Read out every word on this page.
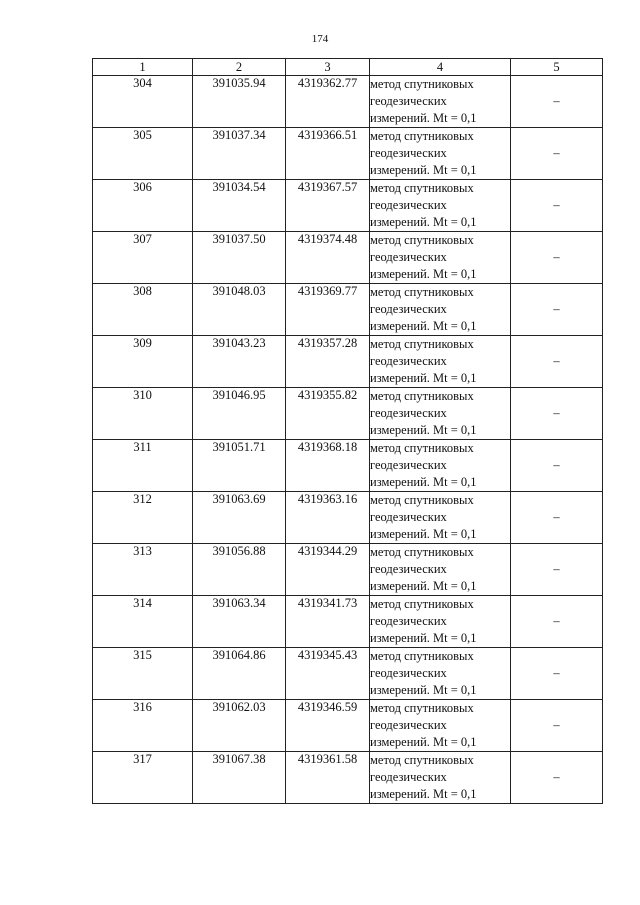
174
1	2	3	4	5
304	391035.94	4319362.77	метод спутниковых
геодезических
измерений. Mt = 0,1	–
305	391037.34	4319366.51	метод спутниковых
геодезических
измерений. Mt = 0,1	–
306	391034.54	4319367.57	метод спутниковых
геодезических
измерений. Mt = 0,1	–
307	391037.50	4319374.48	метод спутниковых
геодезических
измерений. Mt = 0,1	–
308	391048.03	4319369.77	метод спутниковых
геодезических
измерений. Mt = 0,1	–
309	391043.23	4319357.28	метод спутниковых
геодезических
измерений. Mt = 0,1	–
310	391046.95	4319355.82	метод спутниковых
геодезических
измерений. Mt = 0,1	–
311	391051.71	4319368.18	метод спутниковых
геодезических
измерений. Mt = 0,1	–
312	391063.69	4319363.16	метод спутниковых
геодезических
измерений. Mt = 0,1	–
313	391056.88	4319344.29	метод спутниковых
геодезических
измерений. Mt = 0,1	–
314	391063.34	4319341.73	метод спутниковых
геодезических
измерений. Mt = 0,1	–
315	391064.86	4319345.43	метод спутниковых
геодезических
измерений. Mt = 0,1	–
316	391062.03	4319346.59	метод спутниковых
геодезических
измерений. Mt = 0,1	–
317	391067.38	4319361.58	метод спутниковых
геодезических
измерений. Mt = 0,1	–
